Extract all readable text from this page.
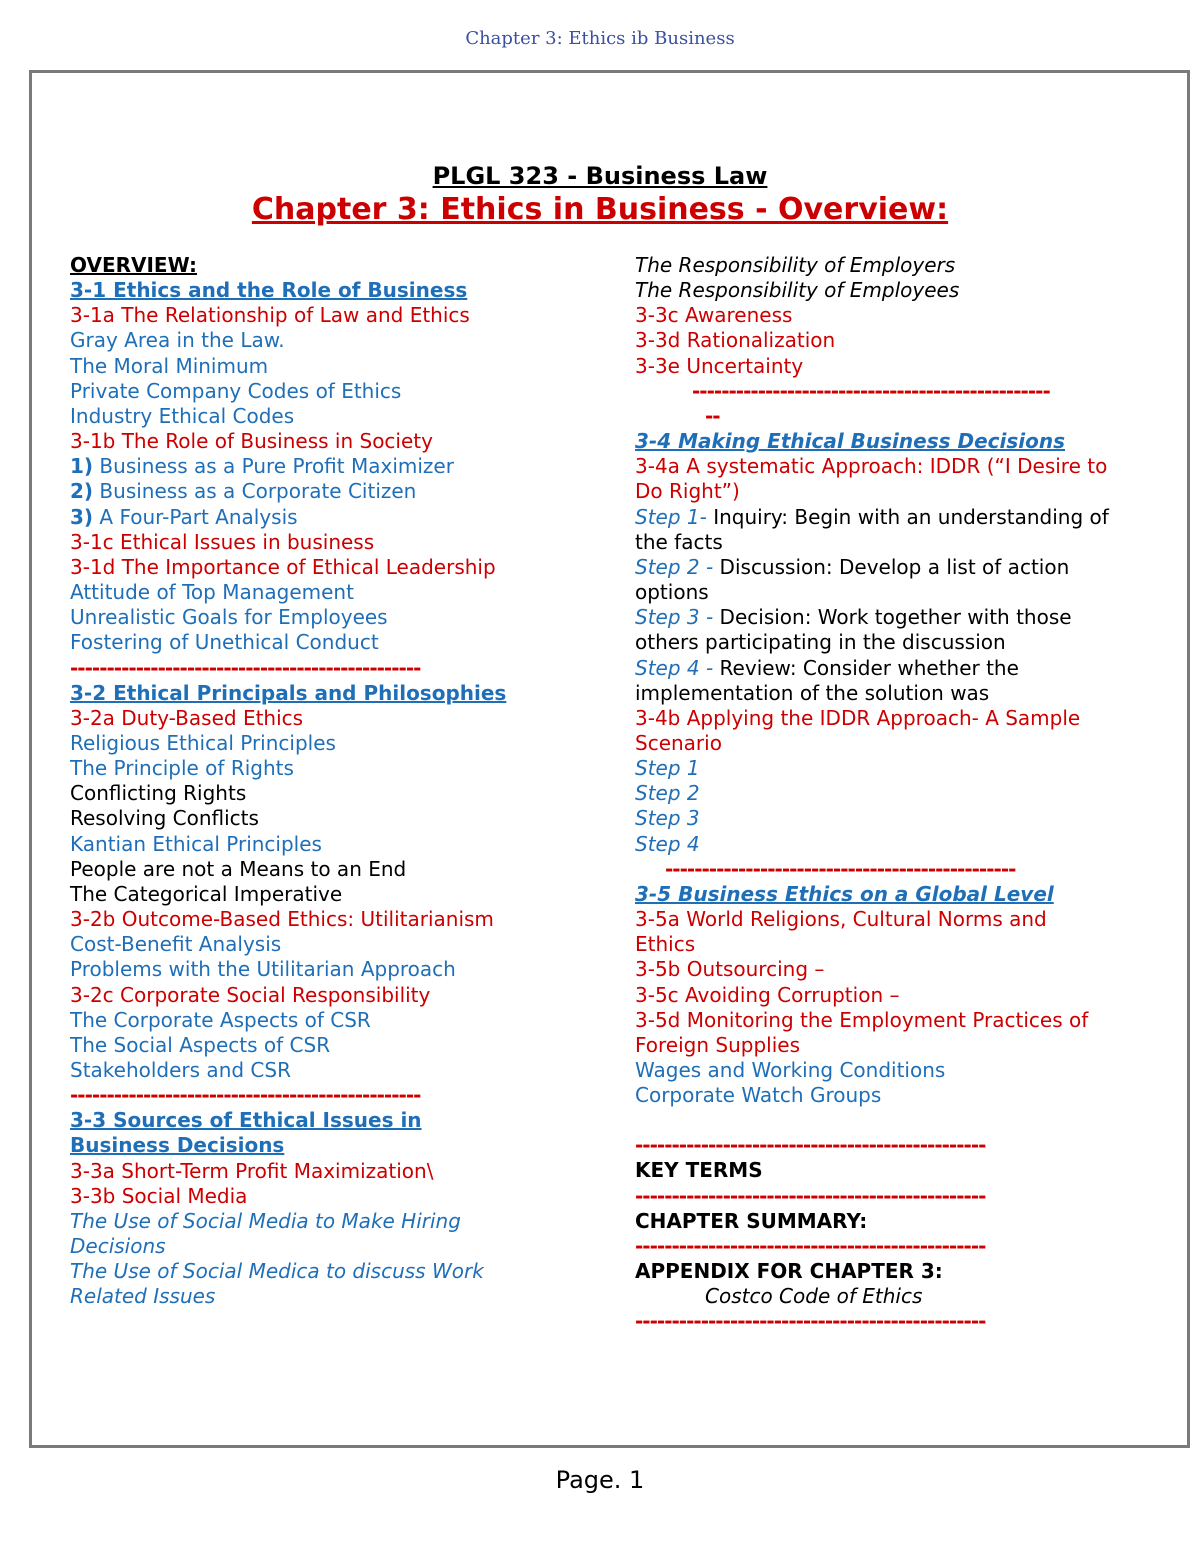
Chapter 3: Ethics ib Business
PLGL 323 - Business Law
Chapter 3: Ethics in Business - Overview:
OVERVIEW:
3-1 Ethics and the Role of Business
3-1a The Relationship of Law and Ethics
Gray Area in the Law.
The Moral Minimum
Private Company Codes of Ethics
Industry Ethical Codes
3-1b The Role of Business in Society
1) Business as a Pure Profit Maximizer
2) Business as a Corporate Citizen
3) A Four-Part Analysis
3-1c Ethical Issues in business
3-1d The Importance of Ethical Leadership
Attitude of Top Management
Unrealistic Goals for Employees
Fostering of Unethical Conduct
------------------------------------------------
3-2 Ethical Principals and Philosophies
3-2a Duty-Based Ethics
Religious Ethical Principles
The Principle of Rights
Conflicting Rights
Resolving Conflicts
Kantian Ethical Principles
People are not a Means to an End
The Categorical Imperative
3-2b Outcome-Based Ethics: Utilitarianism
Cost-Benefit Analysis
Problems with the Utilitarian Approach
3-2c Corporate Social Responsibility
The Corporate Aspects of CSR
The Social Aspects of CSR
Stakeholders and CSR
------------------------------------------------
3-3 Sources of Ethical Issues in Business Decisions
3-3a Short-Term Profit Maximization\
3-3b Social Media
The Use of Social Media to Make Hiring Decisions
The Use of Social Medica to discuss Work Related Issues
The Responsibility of Employers
The Responsibility of Employees
3-3c Awareness
3-3d Rationalization
3-3e Uncertainty
-------------------------------------------------
--
3-4 Making Ethical Business Decisions
3-4a A systematic Approach: IDDR (“I Desire to Do Right”)
Step 1- Inquiry: Begin with an understanding of the facts
Step 2 - Discussion: Develop a list of action options
Step 3 - Decision: Work together with those others participating in the discussion
Step 4 - Review: Consider whether the implementation of the solution was
3-4b Applying the IDDR Approach- A Sample Scenario
Step 1
Step 2
Step 3
Step 4
------------------------------------------------
3-5 Business Ethics on a Global Level
3-5a World Religions, Cultural Norms and Ethics
3-5b Outsourcing –
3-5c Avoiding Corruption –
3-5d Monitoring the Employment Practices of Foreign Supplies
Wages and Working Conditions
Corporate Watch Groups
------------------------------------------------
KEY TERMS
------------------------------------------------
CHAPTER SUMMARY:
------------------------------------------------
APPENDIX FOR CHAPTER 3:
Costco Code of Ethics
------------------------------------------------
Page. 1
